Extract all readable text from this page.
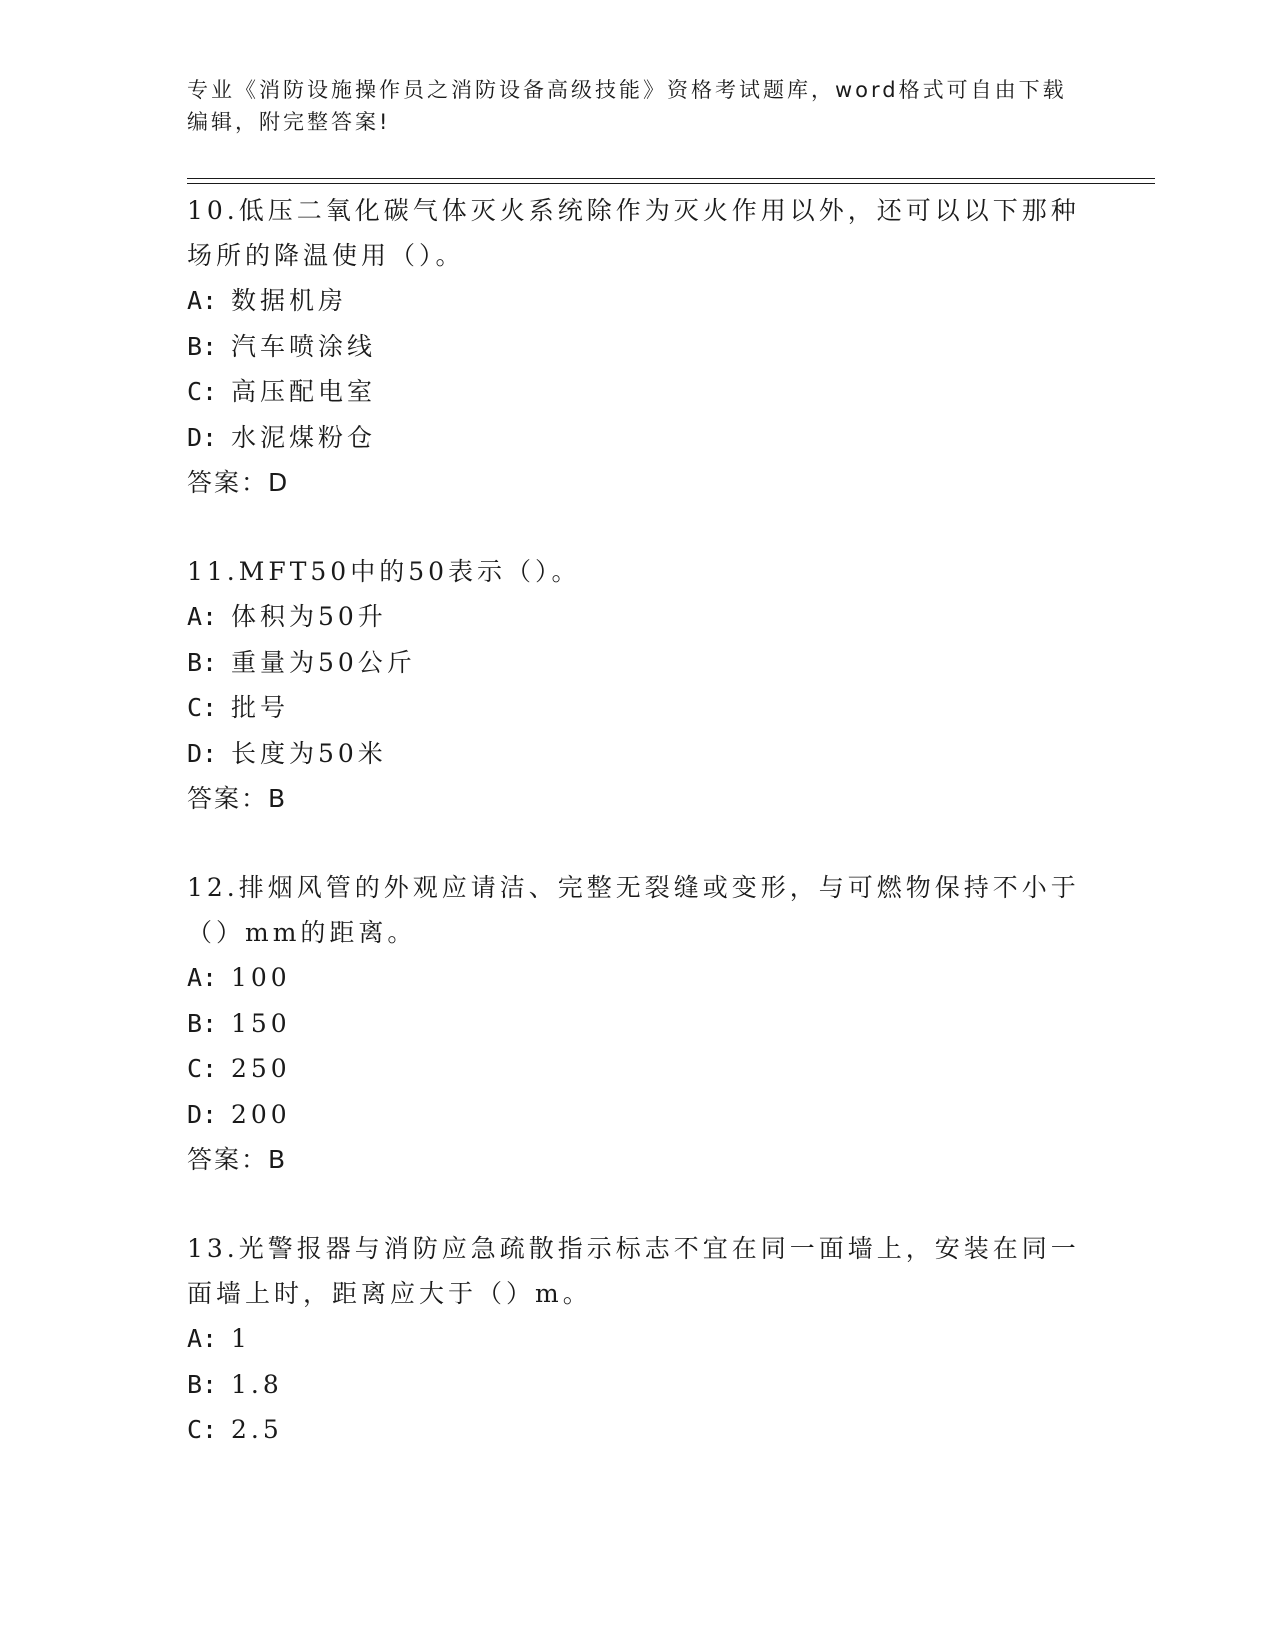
专业《消防设施操作员之消防设备高级技能》资格考试题库，word格式可自由下载编辑，附完整答案!

10.低压二氧化碳气体灭火系统除作为灭火作用以外，还可以以下那种场所的降温使用（）。

A: 数据机房

B: 汽车喷涂线

C: 高压配电室

D: 水泥煤粉仓

答案：D

11.MFT50中的50表示（）。

A: 体积为50升

B: 重量为50公斤

C: 批号

D: 长度为50米

答案：B

12.排烟风管的外观应请洁、完整无裂缝或变形，与可燃物保持不小于（）mm的距离。

A: 100

B: 150

C: 250

D: 200

答案：B

13.光警报器与消防应急疏散指示标志不宜在同一面墙上，安装在同一面墙上时，距离应大于（）m。

A: 1

B: 1.8

C: 2.5
